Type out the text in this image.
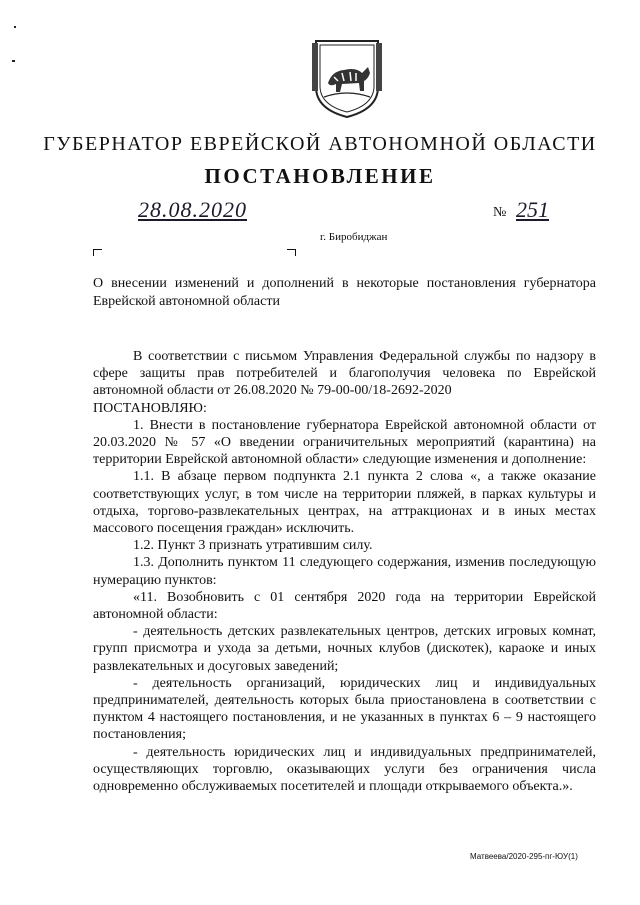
ГУБЕРНАТОР ЕВРЕЙСКОЙ АВТОНОМНОЙ ОБЛАСТИ
ПОСТАНОВЛЕНИЕ
28.08.2020	№ 251
г. Биробиджан
О внесении изменений и дополнений в некоторые постановления губернатора Еврейской автономной области

В соответствии с письмом Управления Федеральной службы по надзору в сфере защиты прав потребителей и благополучия человека по Еврейской автономной области от 26.08.2020 № 79-00-00/18-2692-2020

ПОСТАНОВЛЯЮ:

1. Внести в постановление губернатора Еврейской автономной области от 20.03.2020 № 57 «О введении ограничительных мероприятий (карантина) на территории Еврейской автономной области» следующие изменения и дополнение:

1.1. В абзаце первом подпункта 2.1 пункта 2 слова «, а также оказание соответствующих услуг, в том числе на территории пляжей, в парках культуры и отдыха, торгово-развлекательных центрах, на аттракционах и в иных местах массового посещения граждан» исключить.

1.2. Пункт 3 признать утратившим силу.

1.3. Дополнить пунктом 11 следующего содержания, изменив последующую нумерацию пунктов:

«11. Возобновить с 01 сентября 2020 года на территории Еврейской автономной области:

- деятельность детских развлекательных центров, детских игровых комнат, групп присмотра и ухода за детьми, ночных клубов (дискотек), караоке и иных развлекательных и досуговых заведений;

- деятельность организаций, юридических лиц и индивидуальных предпринимателей, деятельность которых была приостановлена в соответствии с пунктом 4 настоящего постановления, и не указанных в пунктах 6 – 9 настоящего постановления;

- деятельность юридических лиц и индивидуальных предпринимателей, осуществляющих торговлю, оказывающих услуги без ограничения числа одновременно обслуживаемых посетителей и площади открываемого объекта.».

Матвеева/2020-295-пг-ЮУ(1)
